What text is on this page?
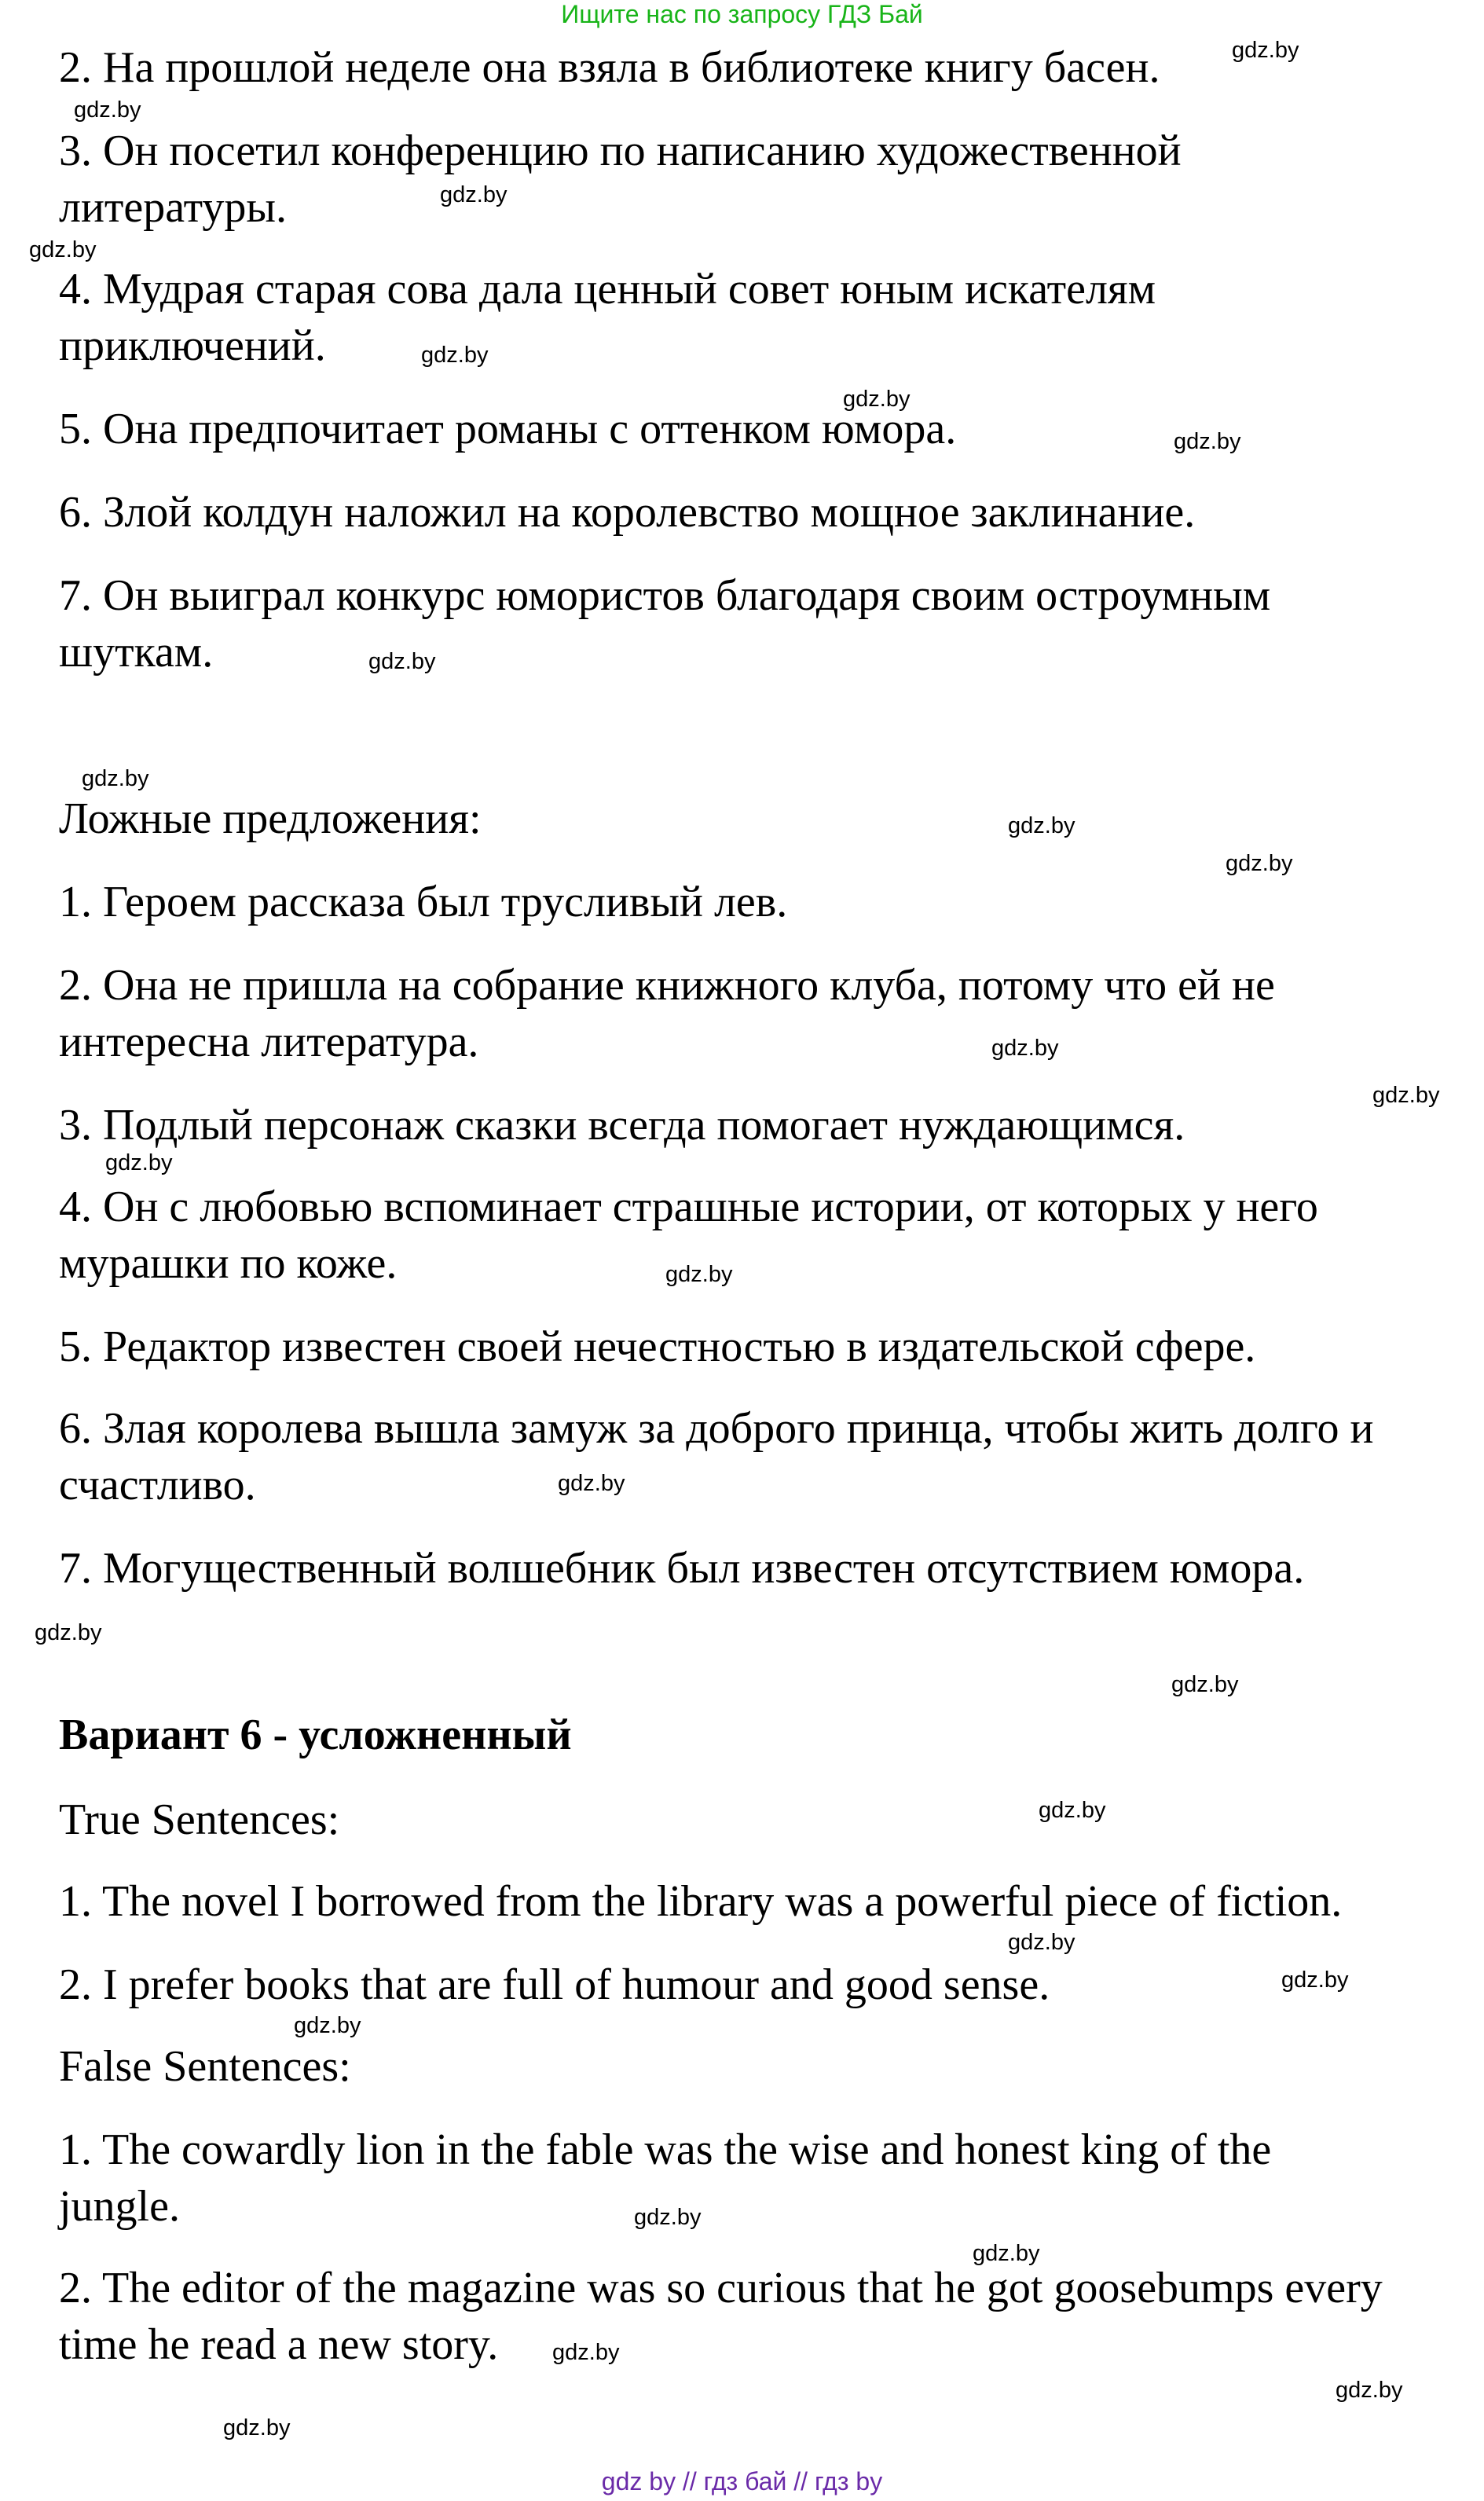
Ищите нас по запросу ГДЗ Бай
2. На прошлой неделе она взяла в библиотеке книгу басен.
3. Он посетил конференцию по написанию художественной
литературы.
4. Мудрая старая сова дала ценный совет юным искателям
приключений.
5. Она предпочитает романы с оттенком юмора.
6. Злой колдун наложил на королевство мощное заклинание.
7. Он выиграл конкурс юмористов благодаря своим остроумным
шуткам.
Ложные предложения:
1. Героем рассказа был трусливый лев.
2. Она не пришла на собрание книжного клуба, потому что ей не
интересна литература.
3. Подлый персонаж сказки всегда помогает нуждающимся.
4. Он с любовью вспоминает страшные истории, от которых у него
мурашки по коже.
5. Редактор известен своей нечестностью в издательской сфере.
6. Злая королева вышла замуж за доброго принца, чтобы жить долго и
счастливо.
7. Могущественный волшебник был известен отсутствием юмора.
Вариант 6 - усложненный
True Sentences:
1. The novel I borrowed from the library was a powerful piece of fiction.
2. I prefer books that are full of humour and good sense.
False Sentences:
1. The cowardly lion in the fable was the wise and honest king of the
jungle.
2. The editor of the magazine was so curious that he got goosebumps every
time he read a new story.
gdz.by
gdz.by
gdz.by
gdz.by
gdz.by
gdz.by
gdz.by
gdz.by
gdz.by
gdz.by
gdz.by
gdz.by
gdz.by
gdz.by
gdz.by
gdz.by
gdz.by
gdz.by
gdz.by
gdz.by
gdz.by
gdz.by
gdz.by
gdz.by
gdz.by
gdz.by
gdz.by
gdz by // гдз бай // гдз by
